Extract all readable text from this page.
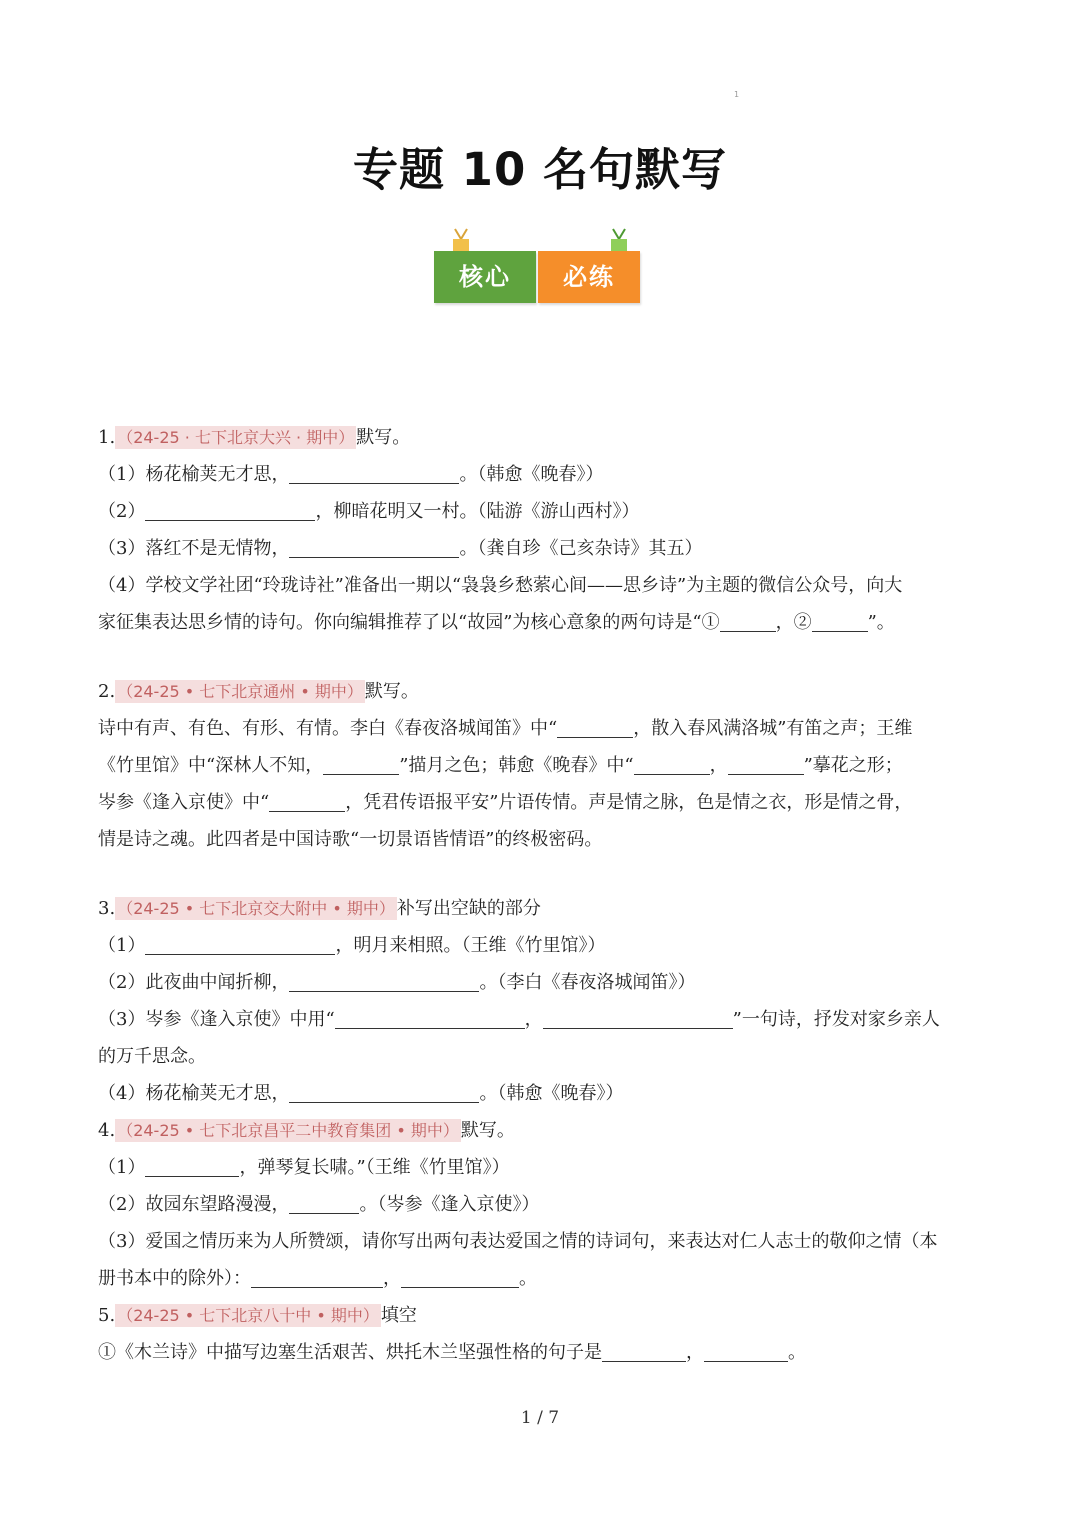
1
专题 10 名句默写
核心	必练
1. （24-25 · 七下北京大兴 · 期中） 默写。
（1）杨花榆荚无才思，	。（韩愈《晚春》）
（2）	，柳暗花明又一村。（陆游《游山西村》）
（3）落红不是无情物，	。（龚自珍《己亥杂诗》其五）
（4）学校文学社团“玲珑诗社”准备出一期以“袅袅乡愁萦心间——思乡诗”为主题的微信公众号，向大
家征集表达思乡情的诗句。你向编辑推荐了以“故园”为核心意象的两句诗是“①	，②	”。
2. （24-25 • 七下北京通州 • 期中） 默写。
诗中有声、有色、有形、有情。李白《春夜洛城闻笛》中“	，散入春风满洛城”有笛之声；王维
《竹里馆》中“深林人不知，	”描月之色；韩愈《晚春》中“	，	”摹花之形；
岑参《逢入京使》中“	，凭君传语报平安”片语传情。声是情之脉，色是情之衣，形是情之骨，
情是诗之魂。此四者是中国诗歌“一切景语皆情语”的终极密码。
3. （24-25 • 七下北京交大附中 • 期中） 补写出空缺的部分
（1）	，明月来相照。（王维《竹里馆》）
（2）此夜曲中闻折柳，	。（李白《春夜洛城闻笛》）
（3）岑参《逢入京使》中用“	，	”一句诗，抒发对家乡亲人
的万千思念。
（4）杨花榆荚无才思，	。（韩愈《晚春》）
4. （24-25 • 七下北京昌平二中教育集团 • 期中） 默写。
（1）	，弹琴复长啸。”（王维《竹里馆》）
（2）故园东望路漫漫，	。（岑参《逢入京使》）
（3）爱国之情历来为人所赞颂，请你写出两句表达爱国之情的诗词句，来表达对仁人志士的敬仰之情（本
册书本中的除外）：	，	。
5. （24-25 • 七下北京八十中 • 期中） 填空
①《木兰诗》中描写边塞生活艰苦、烘托木兰坚强性格的句子是	，	。
1 / 7
